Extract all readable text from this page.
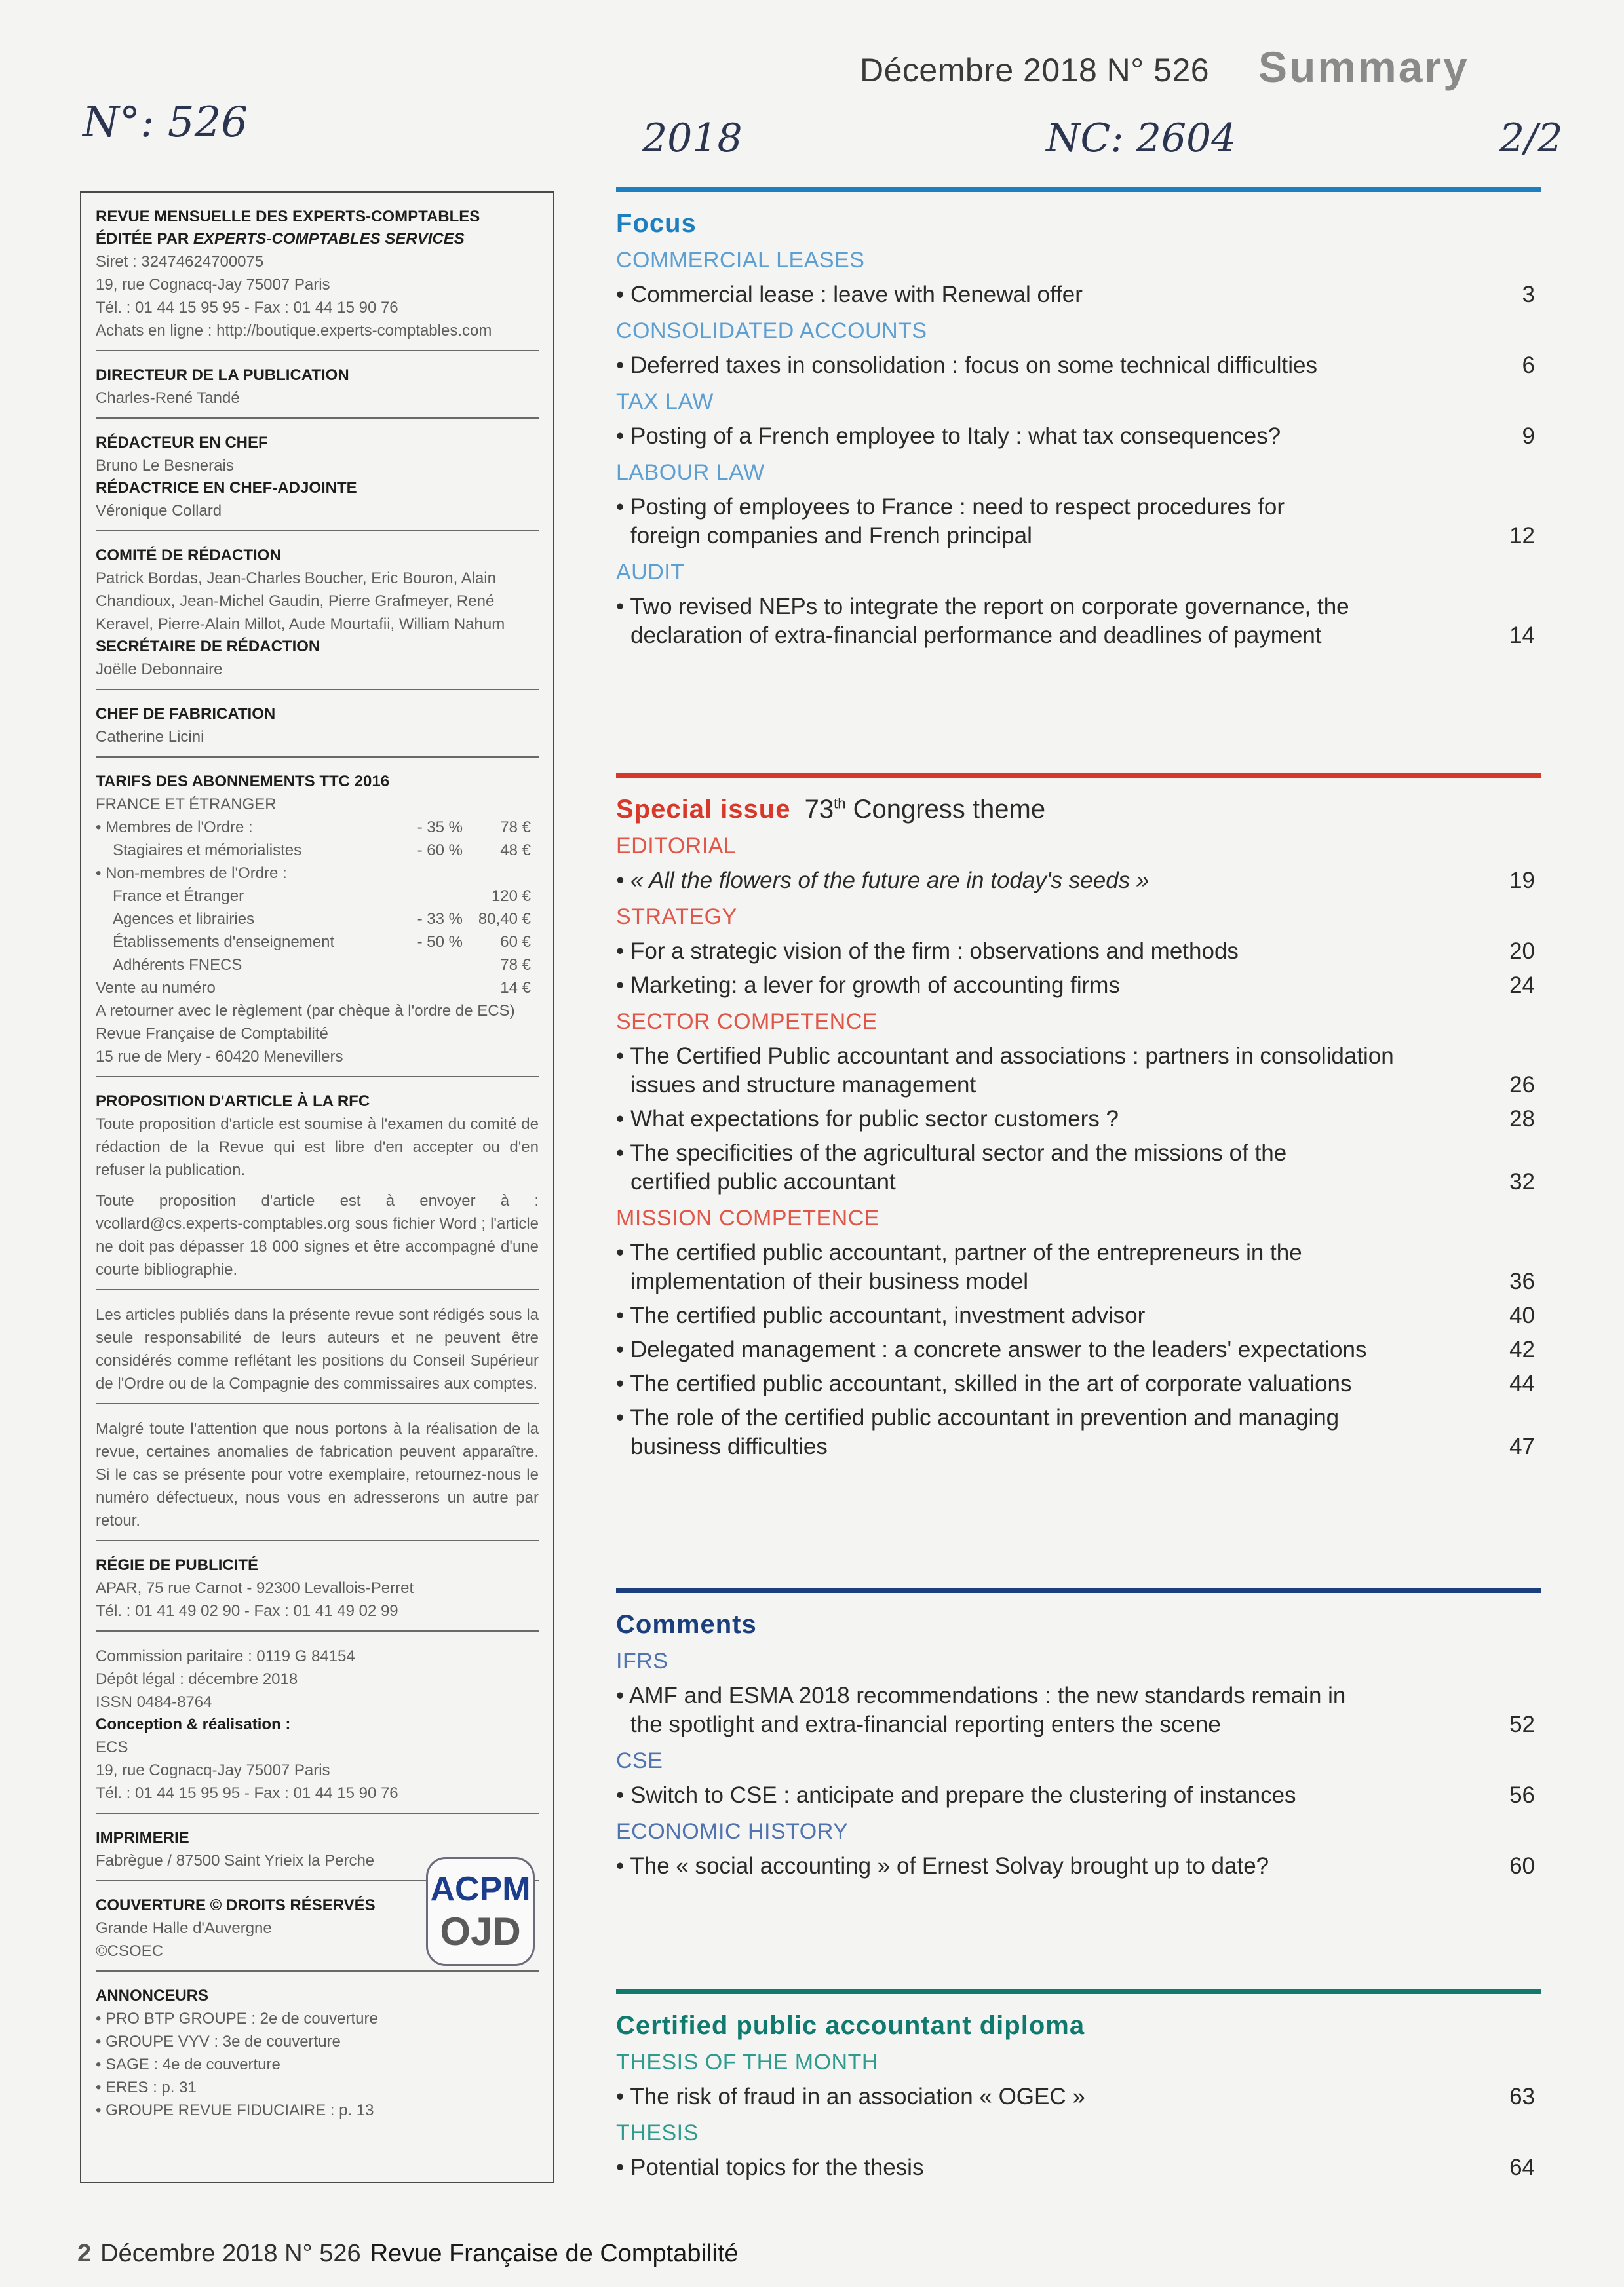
Décembre 2018 N° 526 Summary
N°: 526	2018	NC: 2604	2/2
REVUE MENSUELLE DES EXPERTS-COMPTABLES
ÉDITÉE PAR EXPERTS-COMPTABLES SERVICES
Siret : 32474624700075
19, rue Cognacq-Jay 75007 Paris
Tél. : 01 44 15 95 95 - Fax : 01 44 15 90 76
Achats en ligne : http://boutique.experts-comptables.com
DIRECTEUR DE LA PUBLICATION
Charles-René Tandé
RÉDACTEUR EN CHEF
Bruno Le Besnerais
RÉDACTRICE EN CHEF-ADJOINTE
Véronique Collard
COMITÉ DE RÉDACTION
Patrick Bordas, Jean-Charles Boucher, Eric Bouron, Alain Chandioux, Jean-Michel Gaudin, Pierre Grafmeyer, René Keravel, Pierre-Alain Millot, Aude Mourtafii, William Nahum
SECRÉTAIRE DE RÉDACTION
Joëlle Debonnaire
CHEF DE FABRICATION
Catherine Licini
TARIFS DES ABONNEMENTS TTC 2016
FRANCE ET ÉTRANGER
• Membres de l'Ordre :	- 35 % 78 €
Stagiaires et mémorialistes	- 60 % 48 €
• Non-membres de l'Ordre :
France et Étranger	120 €
Agences et librairies	- 33 % 80,40 €
Établissements d'enseignement	- 50 % 60 €
Adhérents FNECS	78 €
Vente au numéro	14 €
A retourner avec le règlement (par chèque à l'ordre de ECS)
Revue Française de Comptabilité
15 rue de Mery - 60420 Menevillers
PROPOSITION D'ARTICLE À LA RFC
Toute proposition d'article est soumise à l'examen du comité de rédaction de la Revue qui est libre d'en accepter ou d'en refuser la publication.
Toute proposition d'article est à envoyer à : vcollard@cs.experts-comptables.org sous fichier Word ; l'article ne doit pas dépasser 18 000 signes et être accompagné d'une courte bibliographie.
Les articles publiés dans la présente revue sont rédigés sous la seule responsabilité de leurs auteurs et ne peuvent être considérés comme reflétant les positions du Conseil Supérieur de l'Ordre ou de la Compagnie des commissaires aux comptes.
Malgré toute l'attention que nous portons à la réalisation de la revue, certaines anomalies de fabrication peuvent apparaître. Si le cas se présente pour votre exemplaire, retournez-nous le numéro défectueux, nous vous en adresserons un autre par retour.
RÉGIE DE PUBLICITÉ
APAR, 75 rue Carnot - 92300 Levallois-Perret
Tél. : 01 41 49 02 90 - Fax : 01 41 49 02 99
Commission paritaire : 0119 G 84154
Dépôt légal : décembre 2018
ISSN 0484-8764
Conception & réalisation :
ECS
19, rue Cognacq-Jay 75007 Paris
Tél. : 01 44 15 95 95 - Fax : 01 44 15 90 76
IMPRIMERIE
Fabrègue / 87500 Saint Yrieix la Perche
COUVERTURE © DROITS RÉSERVÉS
Grande Halle d'Auvergne
©CSOEC
ANNONCEURS
• PRO BTP GROUPE : 2e de couverture
• GROUPE VYV : 3e de couverture
• SAGE : 4e de couverture
• ERES : p. 31
• GROUPE REVUE FIDUCIAIRE : p. 13
ACPM
OJD
Focus
COMMERCIAL LEASES
• Commercial lease : leave with Renewal offer	3
CONSOLIDATED ACCOUNTS
• Deferred taxes in consolidation : focus on some technical difficulties	6
TAX LAW
• Posting of a French employee to Italy : what tax consequences?	9
LABOUR LAW
• Posting of employees to France : need to respect procedures for foreign companies and French principal	12
AUDIT
• Two revised NEPs to integrate the report on corporate governance, the declaration of extra-financial performance and deadlines of payment	14
Special issue 73th Congress theme
EDITORIAL
• « All the flowers of the future are in today's seeds »	19
STRATEGY
• For a strategic vision of the firm : observations and methods	20
• Marketing: a lever for growth of accounting firms	24
SECTOR COMPETENCE
• The Certified Public accountant and associations : partners in consolidation issues and structure management	26
• What expectations for public sector customers ?	28
• The specificities of the agricultural sector and the missions of the certified public accountant	32
MISSION COMPETENCE
• The certified public accountant, partner of the entrepreneurs in the implementation of their business model	36
• The certified public accountant, investment advisor	40
• Delegated management : a concrete answer to the leaders' expectations	42
• The certified public accountant, skilled in the art of corporate valuations	44
• The role of the certified public accountant in prevention and managing business difficulties	47
Comments
IFRS
• AMF and ESMA 2018 recommendations : the new standards remain in the spotlight and extra-financial reporting enters the scene	52
CSE
• Switch to CSE : anticipate and prepare the clustering of instances	56
ECONOMIC HISTORY
• The « social accounting » of Ernest Solvay brought up to date?	60
Certified public accountant diploma
THESIS OF THE MONTH
• The risk of fraud in an association « OGEC »	63
THESIS
• Potential topics for the thesis	64
2 Décembre 2018 N° 526 Revue Française de Comptabilité
